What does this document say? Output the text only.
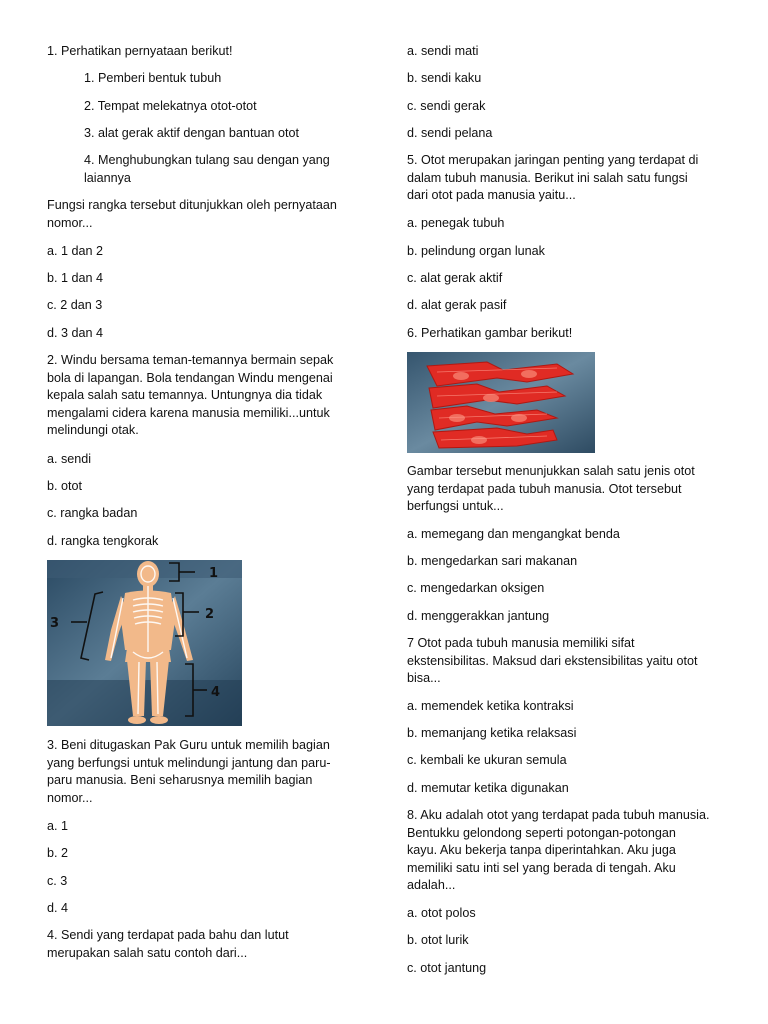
1. Perhatikan pernyataan berikut!
1. Pemberi bentuk tubuh
2. Tempat melekatnya otot-otot
3. alat gerak aktif dengan bantuan otot
4. Menghubungkan tulang sau dengan yang
laiannya
Fungsi rangka tersebut ditunjukkan oleh pernyataan
nomor...
a. 1 dan 2
b. 1 dan 4
c. 2 dan 3
d. 3 dan 4
2. Windu bersama teman-temannya bermain sepak
bola di lapangan. Bola tendangan Windu mengenai
kepala salah satu temannya. Untungnya dia tidak
mengalami cidera karena manusia memiliki...untuk
melindungi otak.
a. sendi
b. otot
c. rangka badan
d. rangka tengkorak
1
2
3
4
3. Beni ditugaskan Pak Guru untuk memilih bagian
yang berfungsi untuk melindungi jantung dan paru-
paru manusia. Beni seharusnya memilih bagian
nomor...
a. 1
b. 2
c. 3
d. 4
4. Sendi yang terdapat pada bahu dan lutut
merupakan salah satu contoh dari...
a. sendi mati
b. sendi kaku
c. sendi gerak
d. sendi pelana
5. Otot merupakan jaringan penting yang terdapat di
dalam tubuh manusia. Berikut ini salah satu fungsi
dari otot pada manusia yaitu...
a. penegak tubuh
b. pelindung organ lunak
c. alat gerak aktif
d. alat gerak pasif
6. Perhatikan gambar berikut!
Gambar tersebut menunjukkan salah satu jenis otot
yang terdapat pada tubuh manusia. Otot tersebut
berfungsi untuk...
a. memegang dan mengangkat benda
b. mengedarkan sari makanan
c. mengedarkan oksigen
d. menggerakkan jantung
7 Otot pada tubuh manusia memiliki sifat
ekstensibilitas. Maksud dari ekstensibilitas yaitu otot
bisa...
a. memendek ketika kontraksi
b. memanjang ketika relaksasi
c. kembali ke ukuran semula
d. memutar ketika digunakan
8. Aku adalah otot yang terdapat pada tubuh manusia.
Bentukku gelondong seperti potongan-potongan
kayu. Aku bekerja tanpa diperintahkan. Aku juga
memiliki satu inti sel yang berada di tengah. Aku
adalah...
a. otot polos
b. otot lurik
c. otot jantung
